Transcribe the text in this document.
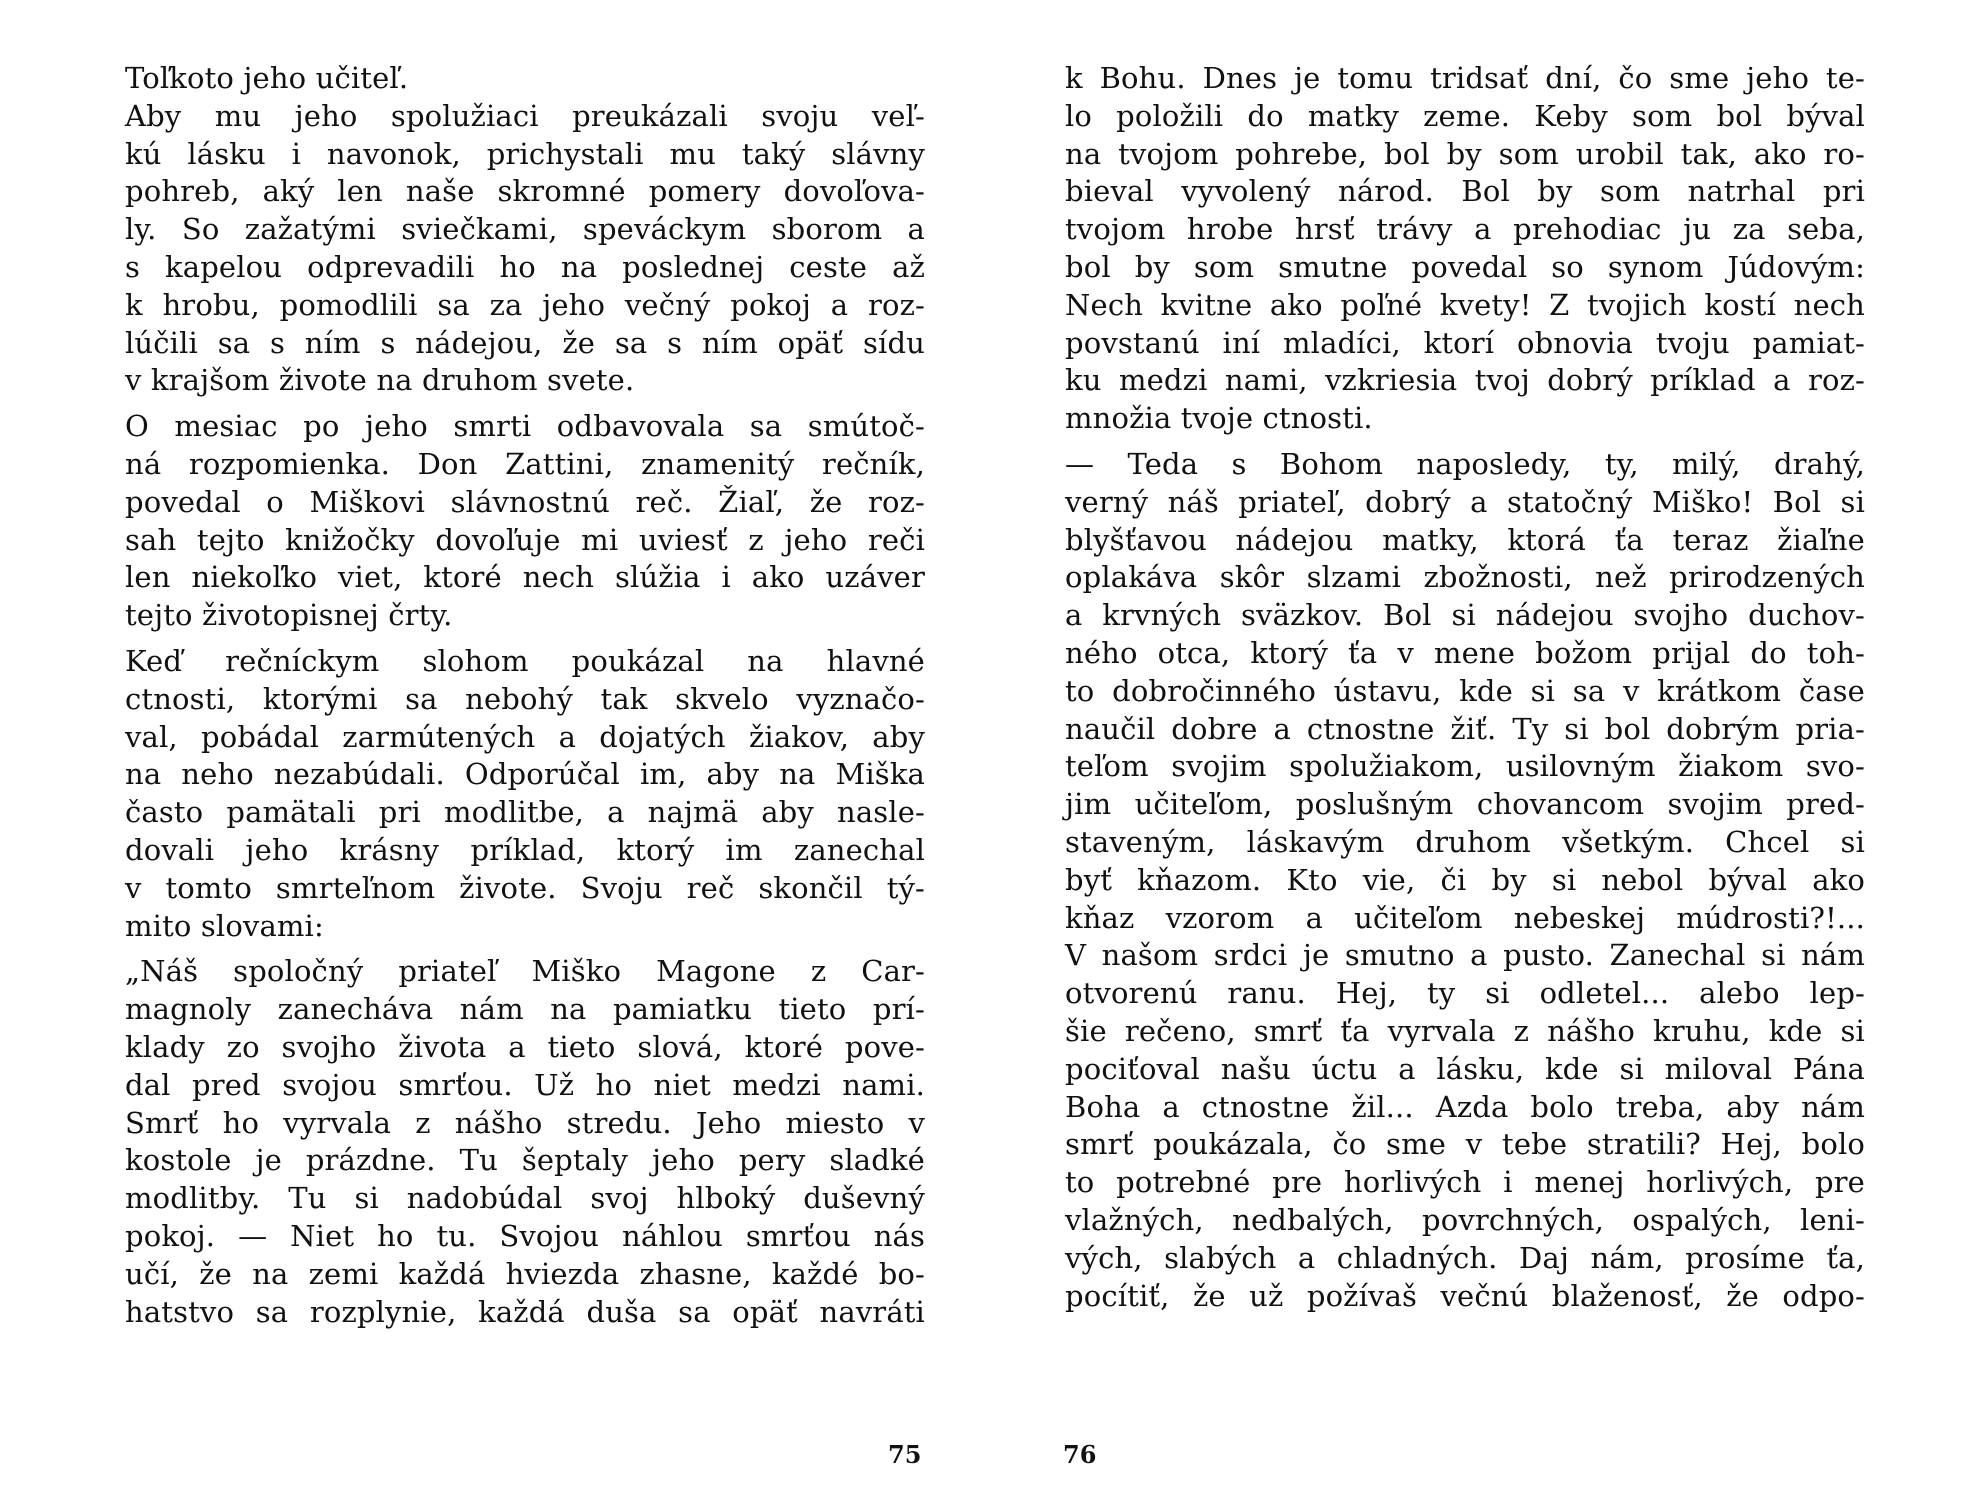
Toľkoto jeho učiteľ.
Aby mu jeho spolužiaci preukázali svoju veľ-
kú lásku i navonok, prichystali mu taký slávny
pohreb, aký len naše skromné pomery dovoľova-
ly. So zažatými sviečkami, speváckym sborom a
s kapelou odprevadili ho na poslednej ceste až
k hrobu, pomodlili sa za jeho večný pokoj a roz-
lúčili sa s ním s nádejou, že sa s ním opäť sídu
v krajšom živote na druhom svete.
O mesiac po jeho smrti odbavovala sa smútoč-
ná rozpomienka. Don Zattini, znamenitý rečník,
povedal o Miškovi slávnostnú reč. Žiaľ, že roz-
sah tejto knižočky dovoľuje mi uviesť z jeho reči
len niekoľko viet, ktoré nech slúžia i ako uzáver
tejto životopisnej črty.
Keď rečníckym slohom poukázal na hlavné
ctnosti, ktorými sa nebohý tak skvelo vyznačo-
val, pobádal zarmútených a dojatých žiakov, aby
na neho nezabúdali. Odporúčal im, aby na Miška
často pamätali pri modlitbe, a najmä aby nasle-
dovali jeho krásny príklad, ktorý im zanechal
v tomto smrteľnom živote. Svoju reč skončil tý-
mito slovami:
„Náš spoločný priateľ Miško Magone z Car-
magnoly zanecháva nám na pamiatku tieto prí-
klady zo svojho života a tieto slová, ktoré pove-
dal pred svojou smrťou. Už ho niet medzi nami.
Smrť ho vyrvala z nášho stredu. Jeho miesto v
kostole je prázdne. Tu šeptaly jeho pery sladké
modlitby. Tu si nadobúdal svoj hlboký duševný
pokoj. — Niet ho tu. Svojou náhlou smrťou nás
učí, že na zemi každá hviezda zhasne, každé bo-
hatstvo sa rozplynie, každá duša sa opäť navráti
k Bohu. Dnes je tomu tridsať dní, čo sme jeho te-
lo položili do matky zeme. Keby som bol býval
na tvojom pohrebe, bol by som urobil tak, ako ro-
bieval vyvolený národ. Bol by som natrhal pri
tvojom hrobe hrsť trávy a prehodiac ju za seba,
bol by som smutne povedal so synom Júdovým:
Nech kvitne ako poľné kvety! Z tvojich kostí nech
povstanú iní mladíci, ktorí obnovia tvoju pamiat-
ku medzi nami, vzkriesia tvoj dobrý príklad a roz-
množia tvoje ctnosti.
— Teda s Bohom naposledy, ty, milý, drahý,
verný náš priateľ, dobrý a statočný Miško! Bol si
blyšťavou nádejou matky, ktorá ťa teraz žiaľne
oplakáva skôr slzami zbožnosti, než prirodzených
a krvných sväzkov. Bol si nádejou svojho duchov-
ného otca, ktorý ťa v mene božom prijal do toh-
to dobročinného ústavu, kde si sa v krátkom čase
naučil dobre a ctnostne žiť. Ty si bol dobrým pria-
teľom svojim spolužiakom, usilovným žiakom svo-
jim učiteľom, poslušným chovancom svojim pred-
staveným, láskavým druhom všetkým. Chcel si
byť kňazom. Kto vie, či by si nebol býval ako
kňaz vzorom a učiteľom nebeskej múdrosti?!...
V našom srdci je smutno a pusto. Zanechal si nám
otvorenú ranu. Hej, ty si odletel... alebo lep-
šie rečeno, smrť ťa vyrvala z nášho kruhu, kde si
pociťoval našu úctu a lásku, kde si miloval Pána
Boha a ctnostne žil... Azda bolo treba, aby nám
smrť poukázala, čo sme v tebe stratili? Hej, bolo
to potrebné pre horlivých i menej horlivých, pre
vlažných, nedbalých, povrchných, ospalých, leni-
vých, slabých a chladných. Daj nám, prosíme ťa,
pocítiť, že už požívaš večnú blaženosť, že odpo-
75	76
